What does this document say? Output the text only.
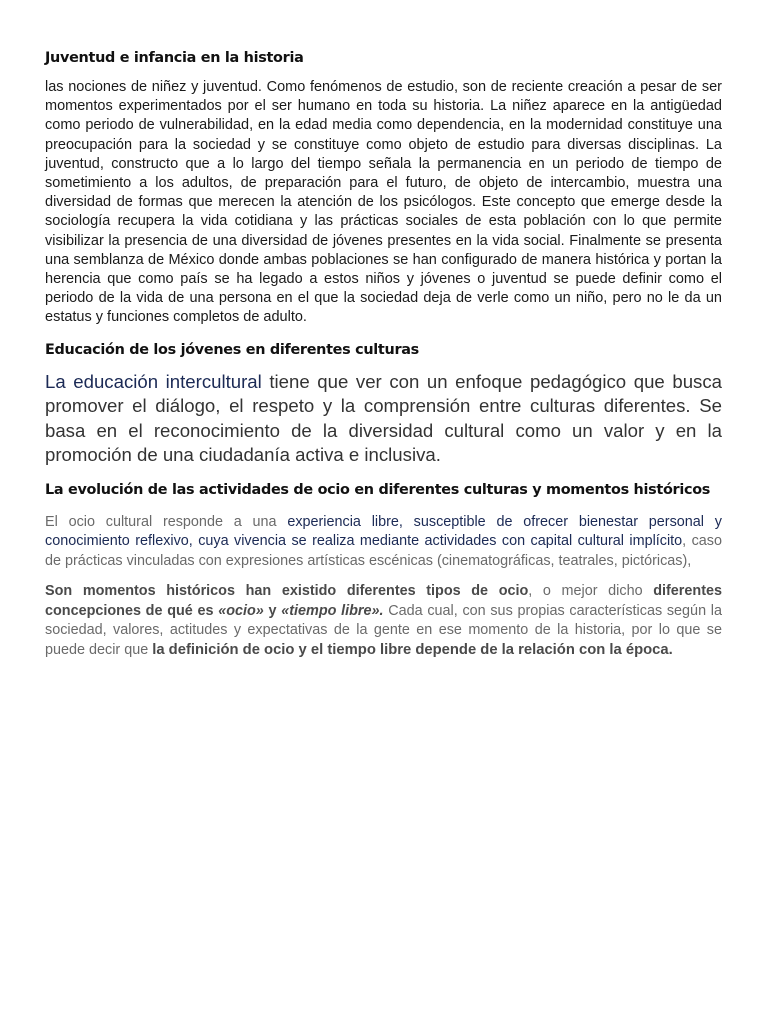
Juventud e infancia en la historia

las nociones de niñez y juventud. Como fenómenos de estudio, son de reciente creación a pesar de ser momentos experimentados por el ser humano en toda su historia. La niñez aparece en la antigüedad como periodo de vulnerabilidad, en la edad media como dependencia, en la modernidad constituye una preocupación para la sociedad y se constituye como objeto de estudio para diversas disciplinas. La juventud, constructo que a lo largo del tiempo señala la permanencia en un periodo de tiempo de sometimiento a los adultos, de preparación para el futuro, de objeto de intercambio, muestra una diversidad de formas que merecen la atención de los psicólogos. Este concepto que emerge desde la sociología recupera la vida cotidiana y las prácticas sociales de esta población con lo que permite visibilizar la presencia de una diversidad de jóvenes presentes en la vida social. Finalmente se presenta una semblanza de México donde ambas poblaciones se han configurado de manera histórica y portan la herencia que como país se ha legado a estos niños y jóvenes o juventud se puede definir como el periodo de la vida de una persona en el que la sociedad deja de verle como un niño, pero no le da un estatus y funciones completos de adulto.

Educación de los jóvenes en diferentes culturas

La educación intercultural tiene que ver con un enfoque pedagógico que busca promover el diálogo, el respeto y la comprensión entre culturas diferentes. Se basa en el reconocimiento de la diversidad cultural como un valor y en la promoción de una ciudadanía activa e inclusiva.

La evolución de las actividades de ocio en diferentes culturas y momentos históricos

El ocio cultural responde a una experiencia libre, susceptible de ofrecer bienestar personal y conocimiento reflexivo, cuya vivencia se realiza mediante actividades con capital cultural implícito, caso de prácticas vinculadas con expresiones artísticas escénicas (cinematográficas, teatrales, pictóricas),

Son momentos históricos han existido diferentes tipos de ocio, o mejor dicho diferentes concepciones de qué es «ocio» y «tiempo libre». Cada cual, con sus propias características según la sociedad, valores, actitudes y expectativas de la gente en ese momento de la historia, por lo que se puede decir que la definición de ocio y el tiempo libre depende de la relación con la época.
